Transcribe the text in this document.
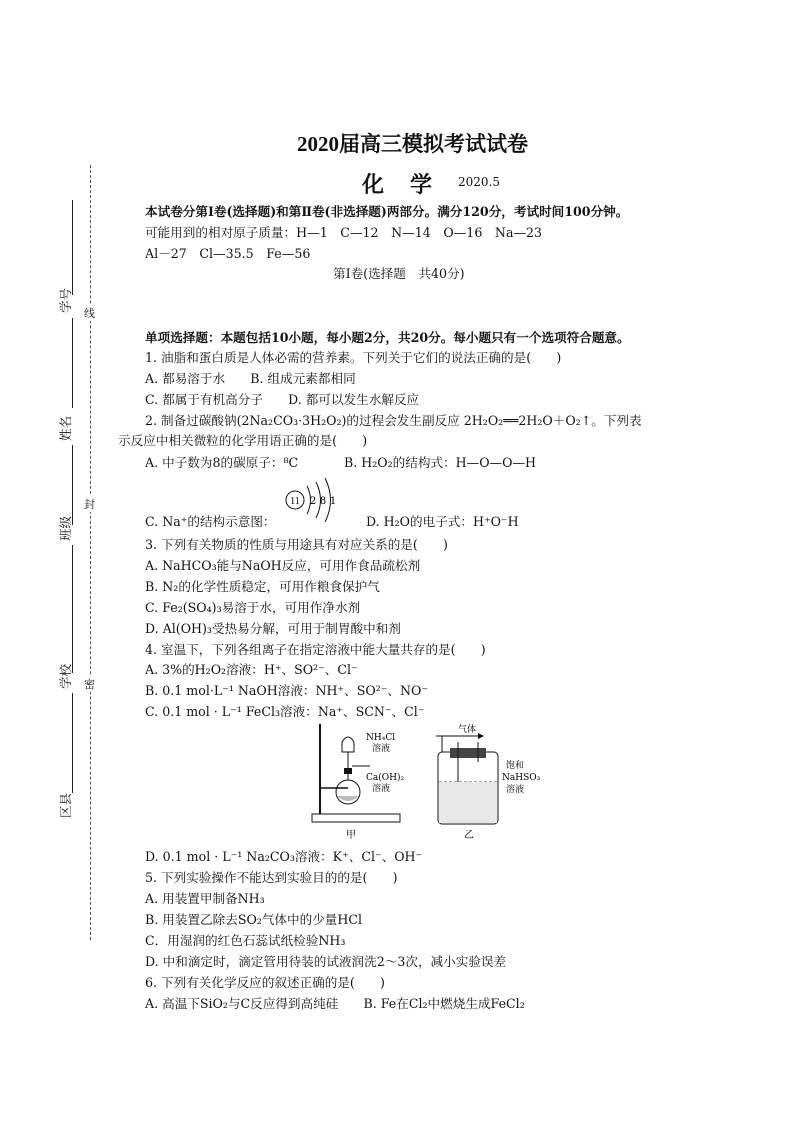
2020届高三模拟考试试卷
化　学 2020.5
区县
学校
班级
姓名
学号
密
封
线
本试卷分第Ⅰ卷(选择题)和第Ⅱ卷(非选择题)两部分。满分120分，考试时间100分钟。
可能用到的相对原子质量：H—1　C—12　N—14　O—16　Na—23
Al－27　Cl—35.5　Fe—56
第Ⅰ卷(选择题　共40分)
单项选择题：本题包括10小题，每小题2分，共20分。每小题只有一个选项符合题意。
1. 油脂和蛋白质是人体必需的营养素。下列关于它们的说法正确的是(　　)
A. 都易溶于水　　B. 组成元素都相同
C. 都属于有机高分子　　D. 都可以发生水解反应
2. 制备过碳酸钠(2Na₂CO₃·3H₂O₂)的过程会发生副反应 2H₂O₂══2H₂O＋O₂↑。下列表
示反应中相关微粒的化学用语正确的是(　　)
A. 中子数为8的碳原子：⁸C	B. H₂O₂的结构式：H—O—O—H
11 2 8 1
C. Na⁺的结构示意图：	D. H₂O的电子式：H⁺O⁻H
3. 下列有关物质的性质与用途具有对应关系的是(　　)
A. NaHCO₃能与NaOH反应，可用作食品疏松剂
B. N₂的化学性质稳定，可用作粮食保护气
C. Fe₂(SO₄)₃易溶于水，可用作净水剂
D. Al(OH)₃受热易分解，可用于制胃酸中和剂
4. 室温下，下列各组离子在指定溶液中能大量共存的是(　　)
A. 3%的H₂O₂溶液：H⁺、SO²⁻、Cl⁻
B. 0.1 mol·L⁻¹ NaOH溶液：NH⁺、SO²⁻、NO⁻
C. 0.1 mol · L⁻¹ FeCl₃溶液：Na⁺、SCN⁻、Cl⁻
NH₄Cl
溶液
Ca(OH)₂
溶液
甲
气体
饱和
NaHSO₃
溶液
乙
D. 0.1 mol · L⁻¹ Na₂CO₃溶液：K⁺、Cl⁻、OH⁻
5. 下列实验操作不能达到实验目的的是(　　)
A. 用装置甲制备NH₃
B. 用装置乙除去SO₂气体中的少量HCl
C．用湿润的红色石蕊试纸检验NH₃
D. 中和滴定时，滴定管用待装的试液润洗2～3次，减小实验误差
6. 下列有关化学反应的叙述正确的是(　　)
A. 高温下SiO₂与C反应得到高纯硅　　B. Fe在Cl₂中燃烧生成FeCl₂
